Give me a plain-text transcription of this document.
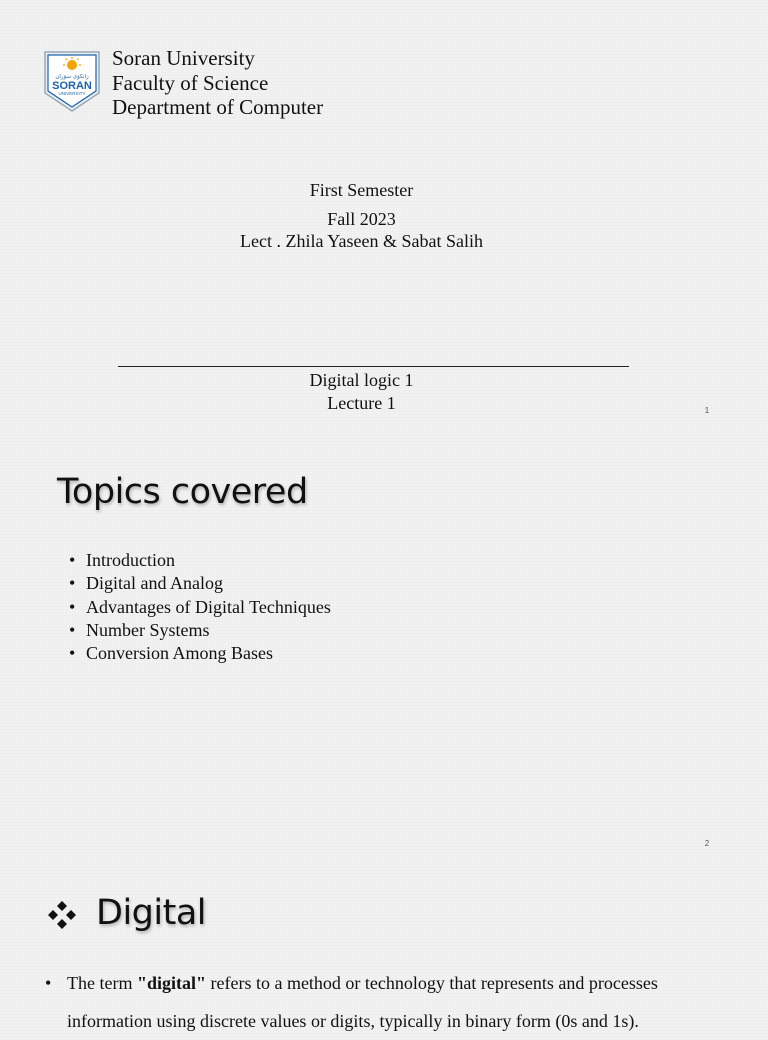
زانكۆی سۆران
SORAN
UNIVERSITY
Soran University
Faculty of Science
Department of Computer
First Semester
Fall 2023
Lect . Zhila Yaseen & Sabat Salih
Digital logic 1
Lecture 1	1
Topics covered
• Introduction
• Digital and Analog
• Advantages of Digital Techniques
• Number Systems
• Conversion Among Bases
2
Digital
• The term "digital" refers to a method or technology that represents and processes
information using discrete values or digits, typically in binary form (0s and 1s).
